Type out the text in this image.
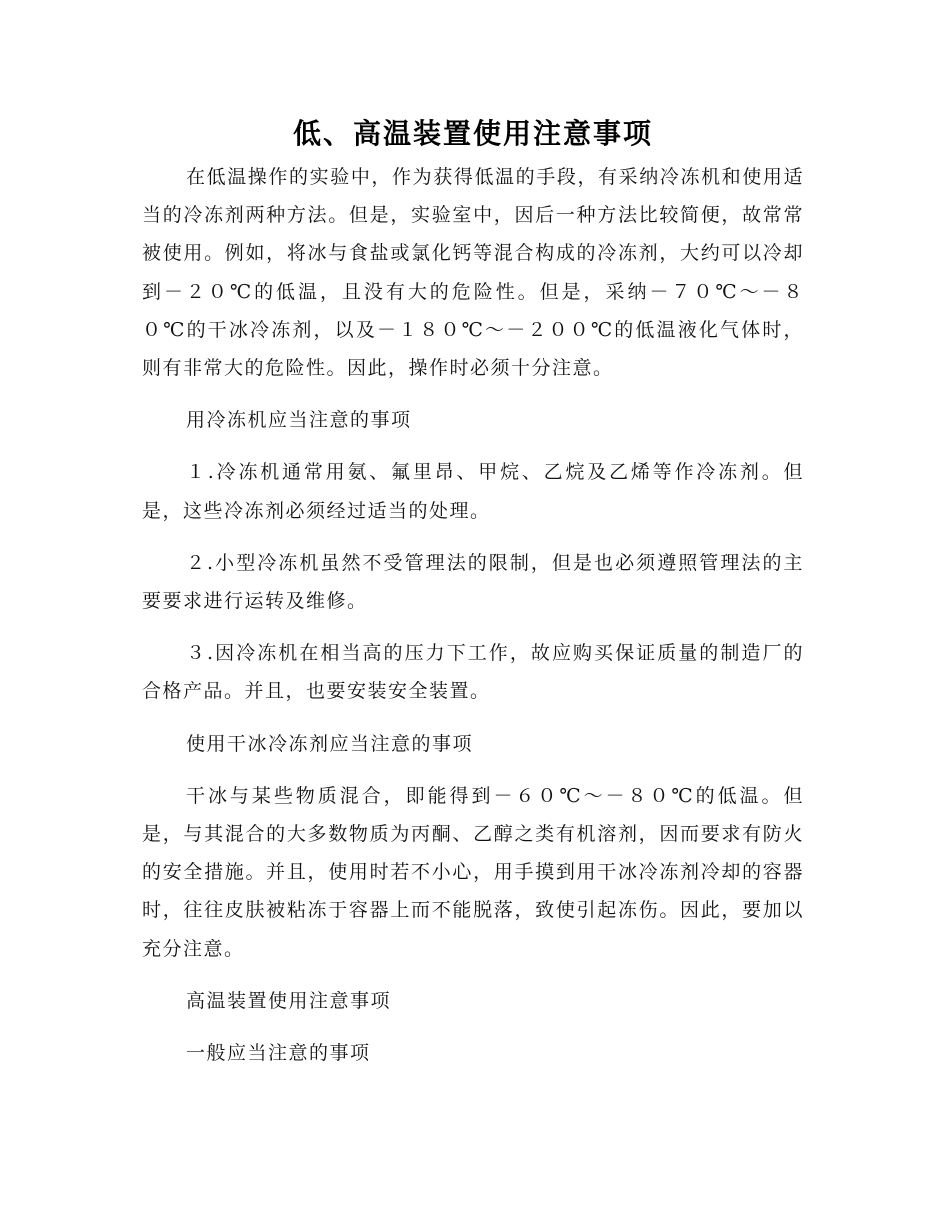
低、高温装置使用注意事项

在低温操作的实验中，作为获得低温的手段，有采纳冷冻机和使用适当的冷冻剂两种方法。但是，实验室中，因后一种方法比较简便，故常常被使用。例如，将冰与食盐或氯化钙等混合构成的冷冻剂，大约可以冷却到－２０℃的低温，且没有大的危险性。但是，采纳－７０℃～－８０℃的干冰冷冻剂，以及－１８０℃～－２００℃的低温液化气体时，则有非常大的危险性。因此，操作时必须十分注意。

用冷冻机应当注意的事项

１.冷冻机通常用氨、氟里昂、甲烷、乙烷及乙烯等作冷冻剂。但是，这些冷冻剂必须经过适当的处理。

２.小型冷冻机虽然不受管理法的限制，但是也必须遵照管理法的主要要求进行运转及维修。

３.因冷冻机在相当高的压力下工作，故应购买保证质量的制造厂的合格产品。并且，也要安装安全装置。

使用干冰冷冻剂应当注意的事项

干冰与某些物质混合，即能得到－６０℃～－８０℃的低温。但是，与其混合的大多数物质为丙酮、乙醇之类有机溶剂，因而要求有防火的安全措施。并且，使用时若不小心，用手摸到用干冰冷冻剂冷却的容器时，往往皮肤被粘冻于容器上而不能脱落，致使引起冻伤。因此，要加以充分注意。

高温装置使用注意事项

一般应当注意的事项
